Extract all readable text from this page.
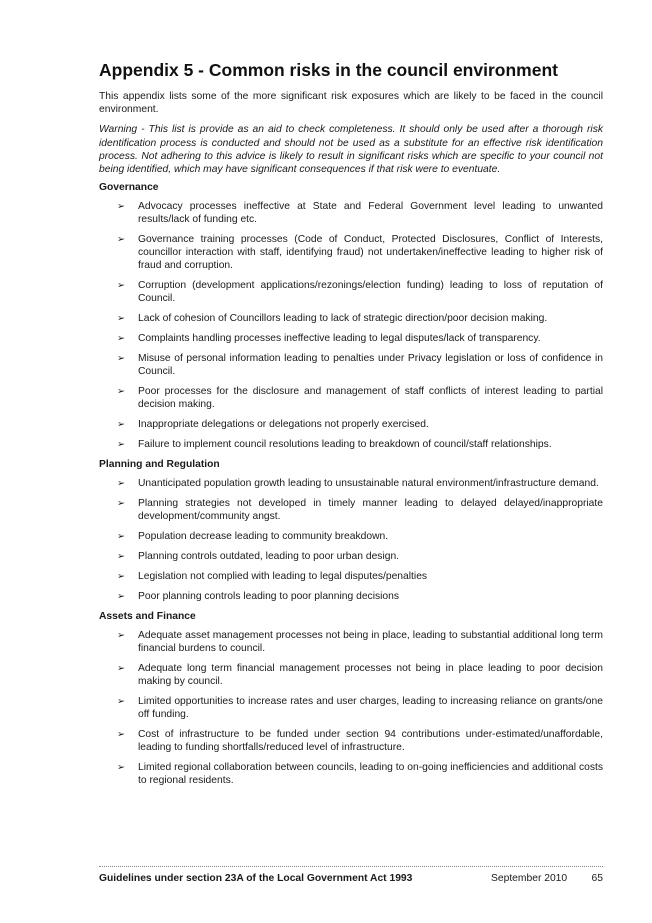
Appendix 5 - Common risks in the council environment

This appendix lists some of the more significant risk exposures which are likely to be faced in the council environment.

Warning - This list is provide as an aid to check completeness. It should only be used after a thorough risk identification process is conducted and should not be used as a substitute for an effective risk identification process. Not adhering to this advice is likely to result in significant risks which are specific to your council not being identified, which may have significant consequences if that risk were to eventuate.

Governance
➢ Advocacy processes ineffective at State and Federal Government level leading to unwanted results/lack of funding etc.
➢ Governance training processes (Code of Conduct, Protected Disclosures, Conflict of Interests, councillor interaction with staff, identifying fraud) not undertaken/ineffective leading to higher risk of fraud and corruption.
➢ Corruption (development applications/rezonings/election funding) leading to loss of reputation of Council.
➢ Lack of cohesion of Councillors leading to lack of strategic direction/poor decision making.
➢ Complaints handling processes ineffective leading to legal disputes/lack of transparency.
➢ Misuse of personal information leading to penalties under Privacy legislation or loss of confidence in Council.
➢ Poor processes for the disclosure and management of staff conflicts of interest leading to partial decision making.
➢ Inappropriate delegations or delegations not properly exercised.
➢ Failure to implement council resolutions leading to breakdown of council/staff relationships.
Planning and Regulation
➢ Unanticipated population growth leading to unsustainable natural environment/infrastructure demand.
➢ Planning strategies not developed in timely manner leading to delayed delayed/inappropriate development/community angst.
➢ Population decrease leading to community breakdown.
➢ Planning controls outdated, leading to poor urban design.
➢ Legislation not complied with leading to legal disputes/penalties
➢ Poor planning controls leading to poor planning decisions
Assets and Finance
➢ Adequate asset management processes not being in place, leading to substantial additional long term financial burdens to council.
➢ Adequate long term financial management processes not being in place leading to poor decision making by council.
➢ Limited opportunities to increase rates and user charges, leading to increasing reliance on grants/one off funding.
➢ Cost of infrastructure to be funded under section 94 contributions under-estimated/unaffordable, leading to funding shortfalls/reduced level of infrastructure.
➢ Limited regional collaboration between councils, leading to on-going inefficiencies and additional costs to regional residents.
Guidelines under section 23A of the Local Government Act 1993	September 2010 65
